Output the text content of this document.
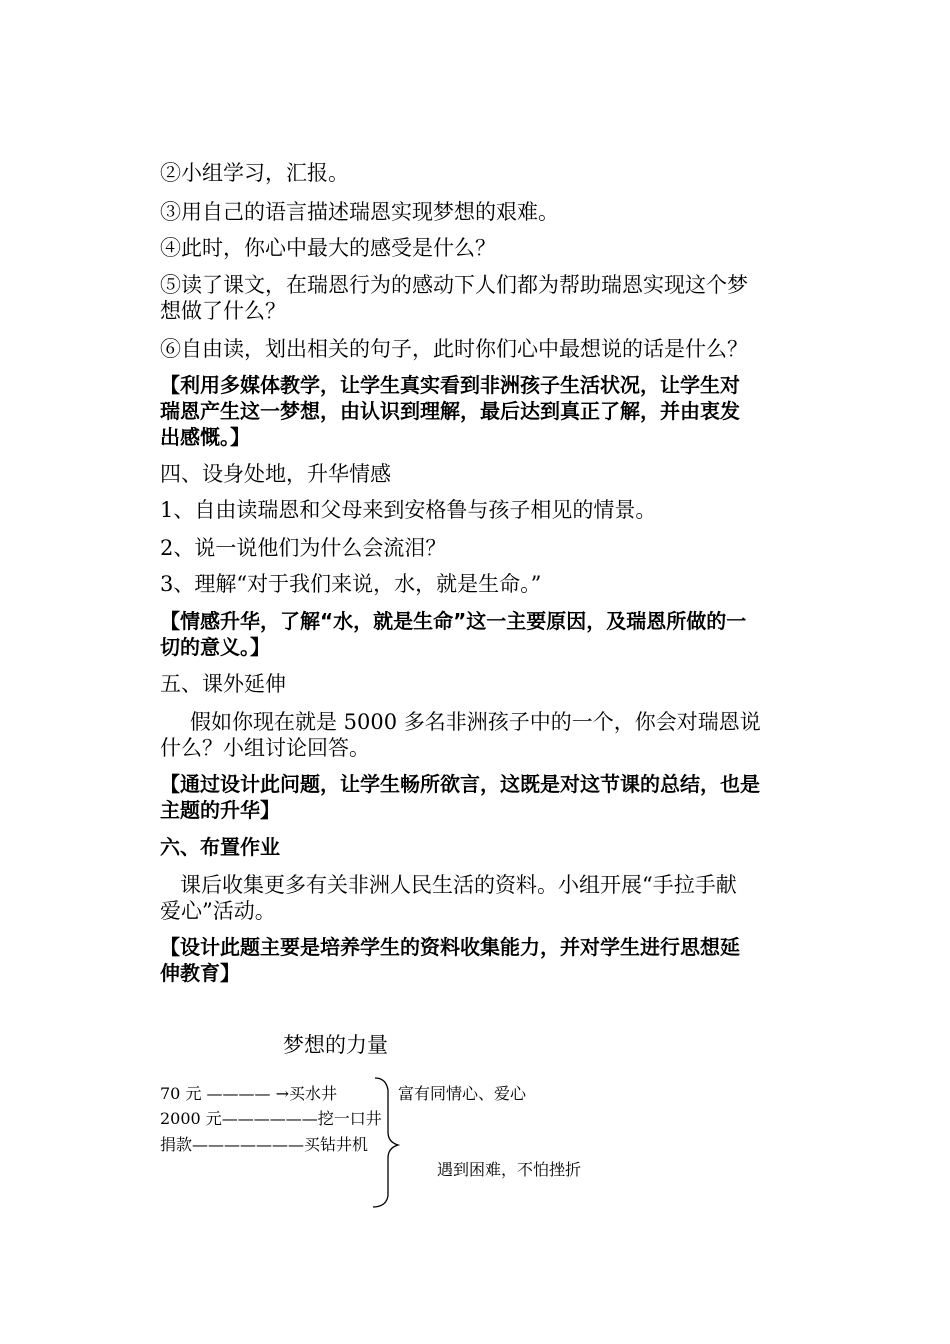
②小组学习，汇报。
③用自己的语言描述瑞恩实现梦想的艰难。
④此时，你心中最大的感受是什么？
⑤读了课文，在瑞恩行为的感动下人们都为帮助瑞恩实现这个梦
想做了什么？
⑥自由读，划出相关的句子，此时你们心中最想说的话是什么？
【利用多媒体教学，让学生真实看到非洲孩子生活状况，让学生对
瑞恩产生这一梦想，由认识到理解，最后达到真正了解，并由衷发
出感慨。】
四、设身处地，升华情感
1、自由读瑞恩和父母来到安格鲁与孩子相见的情景。
2、说一说他们为什么会流泪？
3、理解“对于我们来说，水，就是生命。”
【情感升华，了解“水，就是生命”这一主要原因，及瑞恩所做的一
切的意义。】
五、课外延伸
假如你现在就是 5000 多名非洲孩子中的一个，你会对瑞恩说
什么？小组讨论回答。
【通过设计此问题，让学生畅所欲言，这既是对这节课的总结，也是
主题的升华】
六、布置作业
课后收集更多有关非洲人民生活的资料。小组开展“手拉手献
爱心”活动。
【设计此题主要是培养学生的资料收集能力，并对学生进行思想延
伸教育】
梦想的力量
70 元 ———— →买水井
2000 元——————挖一口井
捐款———————买钻井机
富有同情心、爱心
遇到困难，不怕挫折
